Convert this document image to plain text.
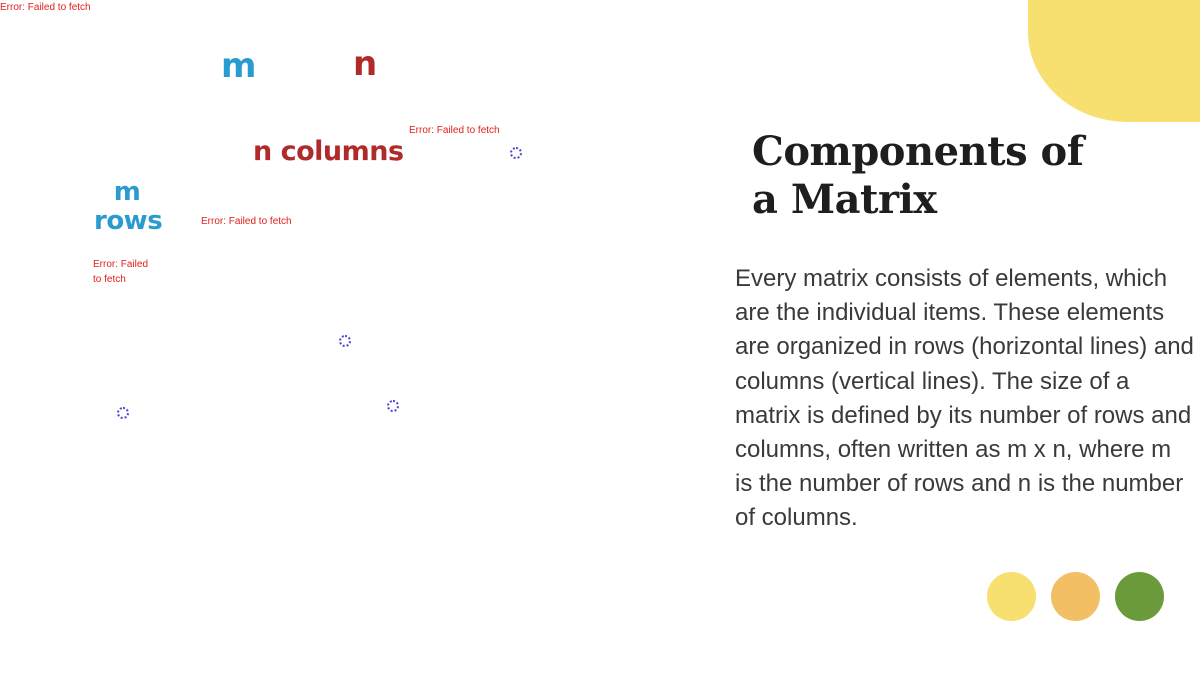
Error: Failed to fetch
m	n
Error: Failed to fetch
n columns
m
rows	Error: Failed to fetch
Error: Failed to fetch
Components of
a Matrix

Every matrix consists of elements, which are the individual items. These elements are organized in rows (horizontal lines) and columns (vertical lines). The size of a matrix is defined by its number of rows and columns, often written as m x n, where m is the number of rows and n is the number of columns.
